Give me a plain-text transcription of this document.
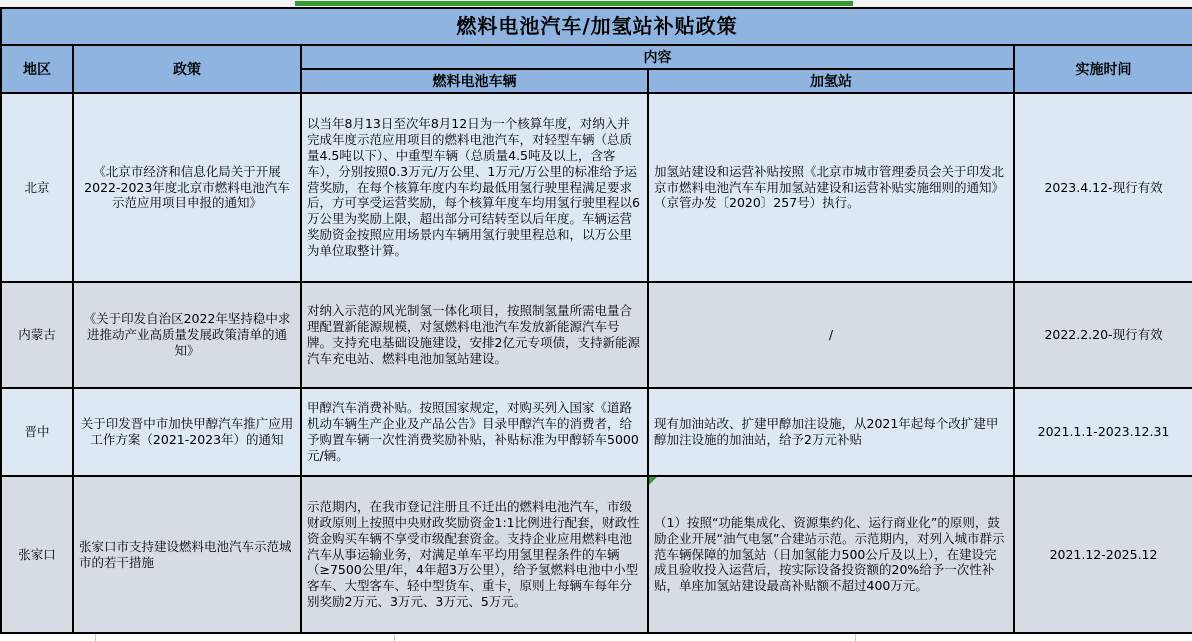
燃料电池汽车/加氢站补贴政策				
地区	政策	内容		实施时间
		燃料电池车辆	加氢站	
北京	《北京市经济和信息化局关于开展2022-2023年度北京市燃料电池汽车示范应用项目申报的通知》	以当年8月13日至次年8月12日为一个核算年度，对纳入并完成年度示范应用项目的燃料电池汽车，对轻型车辆（总质量4.5吨以下）、中重型车辆（总质量4.5吨及以上，含客车），分别按照0.3万元/万公里、1万元/万公里的标准给予运营奖励，在每个核算年度内车均最低用氢行驶里程满足要求后，方可享受运营奖励，每个核算年度车均用氢行驶里程以6万公里为奖励上限，超出部分可结转至以后年度。车辆运营奖励资金按照应用场景内车辆用氢行驶里程总和，以万公里为单位取整计算。	加氢站建设和运营补贴按照《北京市城市管理委员会关于印发北京市燃料电池汽车车用加氢站建设和运营补贴实施细则的通知》（京管办发〔2020〕257号）执行。	2023.4.12-现行有效
内蒙古	《关于印发自治区2022年坚持稳中求进推动产业高质量发展政策清单的通知》	对纳入示范的风光制氢一体化项目，按照制氢量所需电量合理配置新能源规模，对氢燃料电池汽车发放新能源汽车号牌。支持充电基础设施建设，安排2亿元专项债，支持新能源汽车充电站、燃料电池加氢站建设。	/	2022.2.20-现行有效
晋中	关于印发晋中市加快甲醇汽车推广应用工作方案（2021-2023年）的通知	甲醇汽车消费补贴。按照国家规定，对购买列入国家《道路机动车辆生产企业及产品公告》目录甲醇汽车的消费者，给予购置车辆一次性消费奖励补贴，补贴标准为甲醇轿车5000元/辆。	现有加油站改、扩建甲醇加注设施，从2021年起每个改扩建甲醇加注设施的加油站，给予2万元补贴	2021.1.1-2023.12.31
张家口	张家口市支持建设燃料电池汽车示范城市的若干措施	示范期内，在我市登记注册且不迁出的燃料电池汽车，市级财政原则上按照中央财政奖励资金1:1比例进行配套，财政性资金购买车辆不享受市级配套资金。支持企业应用燃料电池汽车从事运输业务，对满足单车平均用氢里程条件的车辆（≥7500公里/年，4年超3万公里），给予氢燃料电池中小型客车、大型客车、轻中型货车、重卡，原则上每辆车每年分别奖励2万元、3万元、3万元、5万元。	（1）按照“功能集成化、资源集约化、运行商业化”的原则，鼓励企业开展“油气电氢”合建站示范。示范期内，对列入城市群示范车辆保障的加氢站（日加氢能力500公斤及以上），在建设完成且验收投入运营后，按实际设备投资额的20%给予一次性补贴，单座加氢站建设最高补贴额不超过400万元。	2021.12-2025.12
